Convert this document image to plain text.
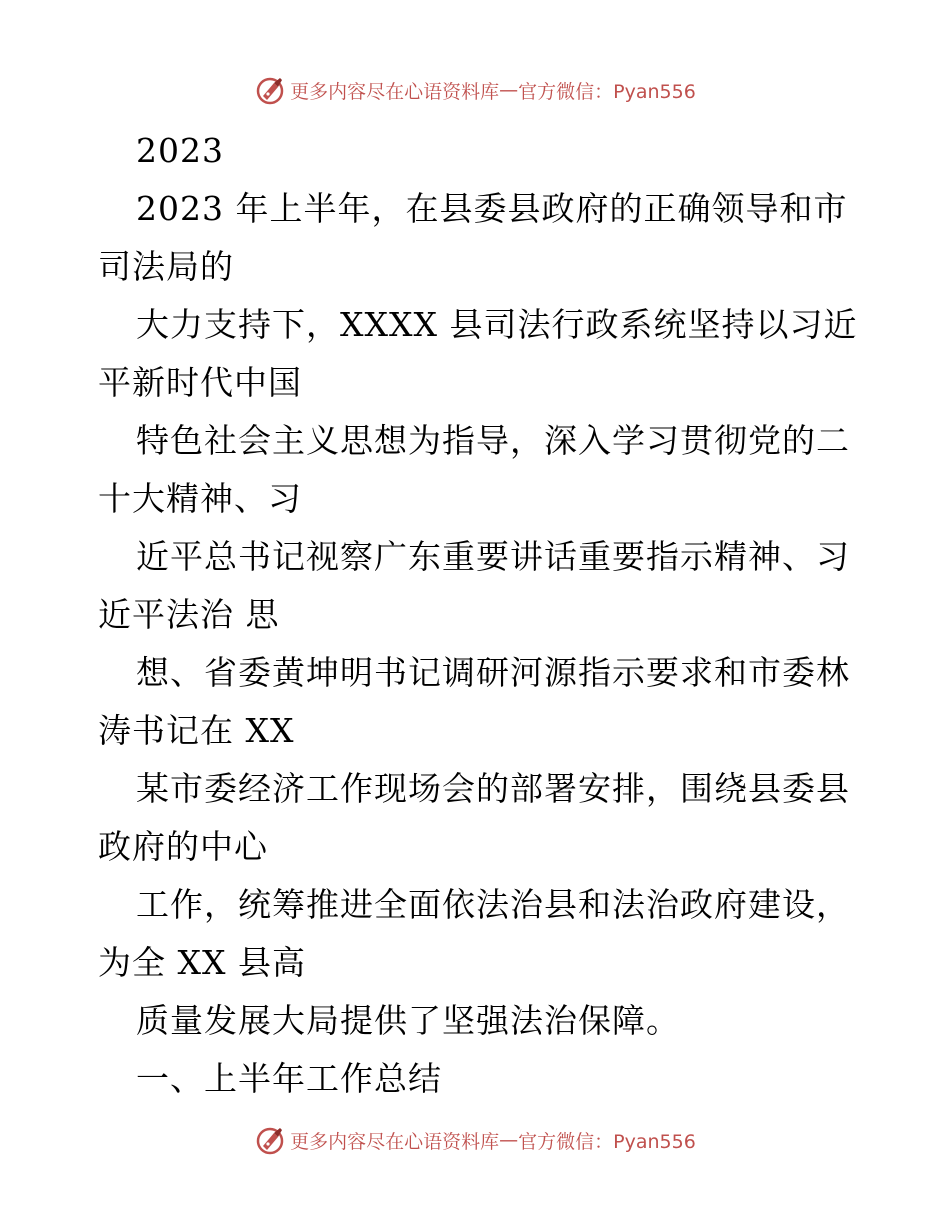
更多内容尽在心语资料库 — 官方微信：Pyan556
2023
2023 年上半年，在县委县政府的正确领导和市
司法局的
大力支持下，XXXX 县司法行政系统坚持以习近
平新时代中国
特色社会主义思想为指导，深入学习贯彻党的二
十大精神、习
近平总书记视察广东重要讲话重要指示精神、习
近平法治 思
想、省委黄坤明书记调研河源指示要求和市委林
涛书记在 XX
某市委经济工作现场会的部署安排，围绕县委县
政府的中心
工作，统筹推进全面依法治县和法治政府建设，
为全 XX 县高
质量发展大局提供了坚强法治保障。
一、上半年工作总结
更多内容尽在心语资料库 — 官方微信：Pyan556
